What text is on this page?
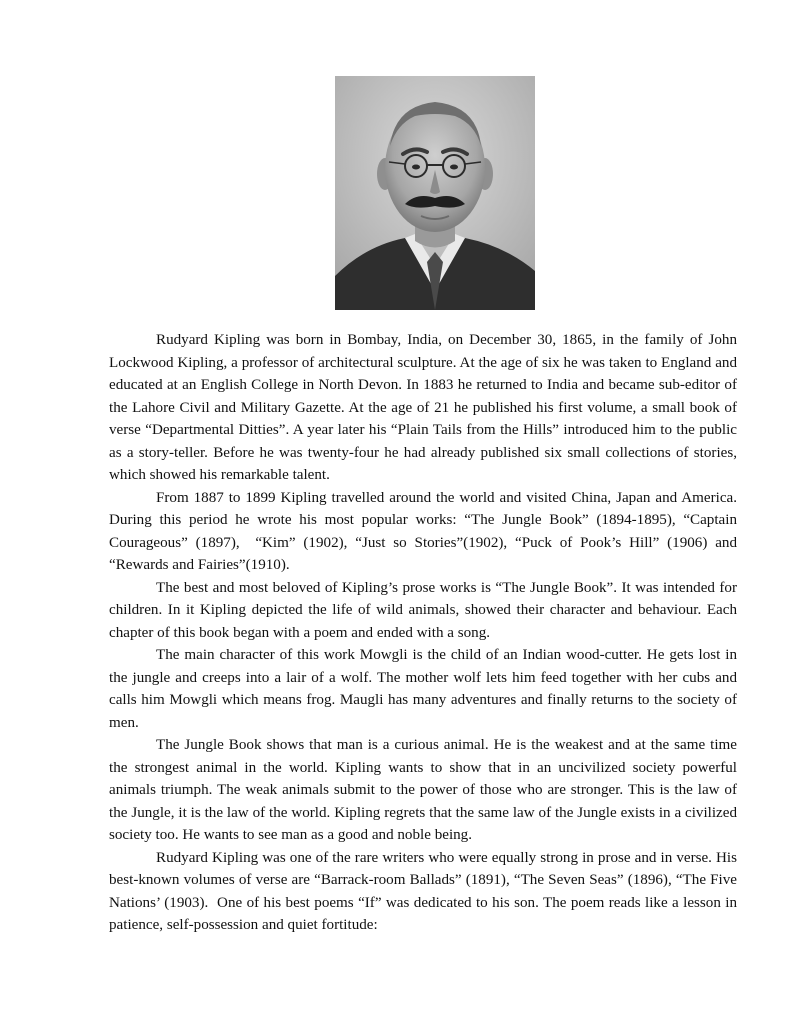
Rudyard Kipling was born in Bombay, India, on December 30, 1865, in the family of John Lockwood Kipling, a professor of architectural sculpture. At the age of six he was taken to England and educated at an English College in North Devon. In 1883 he returned to India and became sub-editor of the Lahore Civil and Military Gazette. At the age of 21 he published his first volume, a small book of verse “Departmental Ditties”. A year later his “Plain Tails from the Hills” introduced him to the public as a story-teller. Before he was twenty-four he had already published six small collections of stories, which showed his remarkable talent.

From 1887 to 1899 Kipling travelled around the world and visited China, Japan and America. During this period he wrote his most popular works: “The Jungle Book” (1894-1895), “Captain Courageous” (1897),  “Kim” (1902), “Just so Stories”(1902), “Puck of Pook’s Hill” (1906) and “Rewards and Fairies”(1910).

The best and most beloved of Kipling’s prose works is “The Jungle Book”. It was intended for children. In it Kipling depicted the life of wild animals, showed their character and behaviour. Each chapter of this book began with a poem and ended with a song.

The main character of this work Mowgli is the child of an Indian wood-cutter. He gets lost in the jungle and creeps into a lair of a wolf. The mother wolf lets him feed together with her cubs and calls him Mowgli which means frog. Maugli has many adventures and finally returns to the society of men.

The Jungle Book shows that man is a curious animal. He is the weakest and at the same time the strongest animal in the world. Kipling wants to show that in an uncivilized society powerful animals triumph. The weak animals submit to the power of those who are stronger. This is the law of the Jungle, it is the law of the world. Kipling regrets that the same law of the Jungle exists in a civilized society too. He wants to see man as a good and noble being.

Rudyard Kipling was one of the rare writers who were equally strong in prose and in verse. His best-known volumes of verse are “Barrack-room Ballads” (1891), “The Seven Seas” (1896), “The Five Nations’ (1903).  One of his best poems “If” was dedicated to his son. The poem reads like a lesson in patience, self-possession and quiet fortitude:
